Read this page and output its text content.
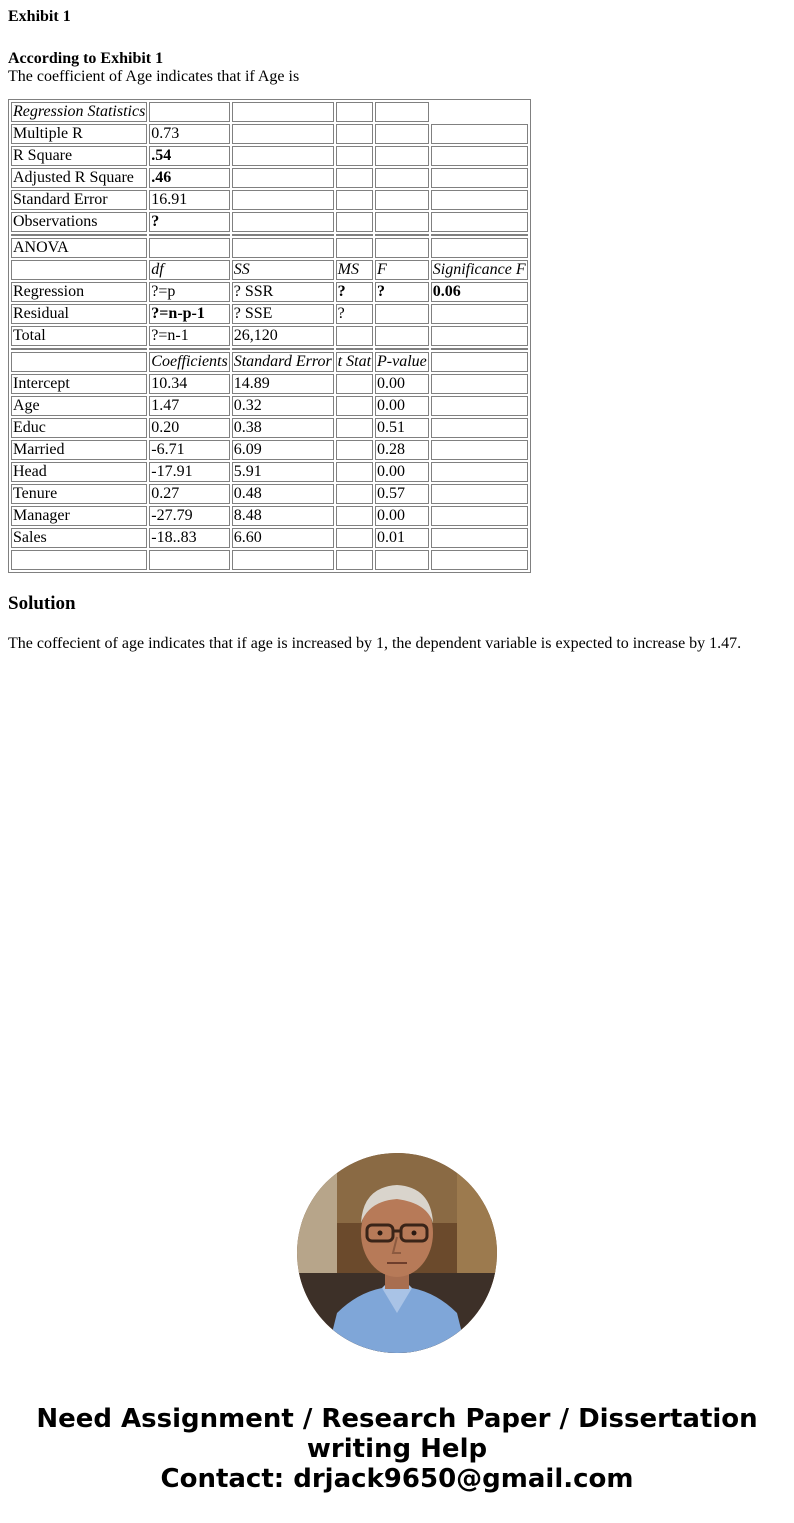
Exhibit 1
According to Exhibit 1
The coefficient of Age indicates that if Age is
Regression Statistics					
Multiple R	0.73				
R Square	.54				
Adjusted R Square	.46				
Standard Error	16.91				
Observations	?				

ANOVA					
	df	SS	MS	F	Significance F
Regression	?=p	? SSR	?	?	0.06
Residual	?=n-p-1	? SSE	?		
Total	?=n-1	26,120			

	Coefficients	Standard Error	t Stat	P-value	
Intercept	10.34	14.89		0.00	
Age	1.47	0.32		0.00	
Educ	0.20	0.38		0.51	
Married	-6.71	6.09		0.28	
Head	-17.91	5.91		0.00	
Tenure	0.27	0.48		0.57	
Manager	-27.79	8.48		0.00	
Sales	-18..83	6.60		0.01	

Solution
The coffecient of age indicates that if age is increased by 1, the dependent variable is expected to increase by 1.47.
Need Assignment / Research Paper / Dissertation
writing Help
Contact: drjack9650@gmail.com
